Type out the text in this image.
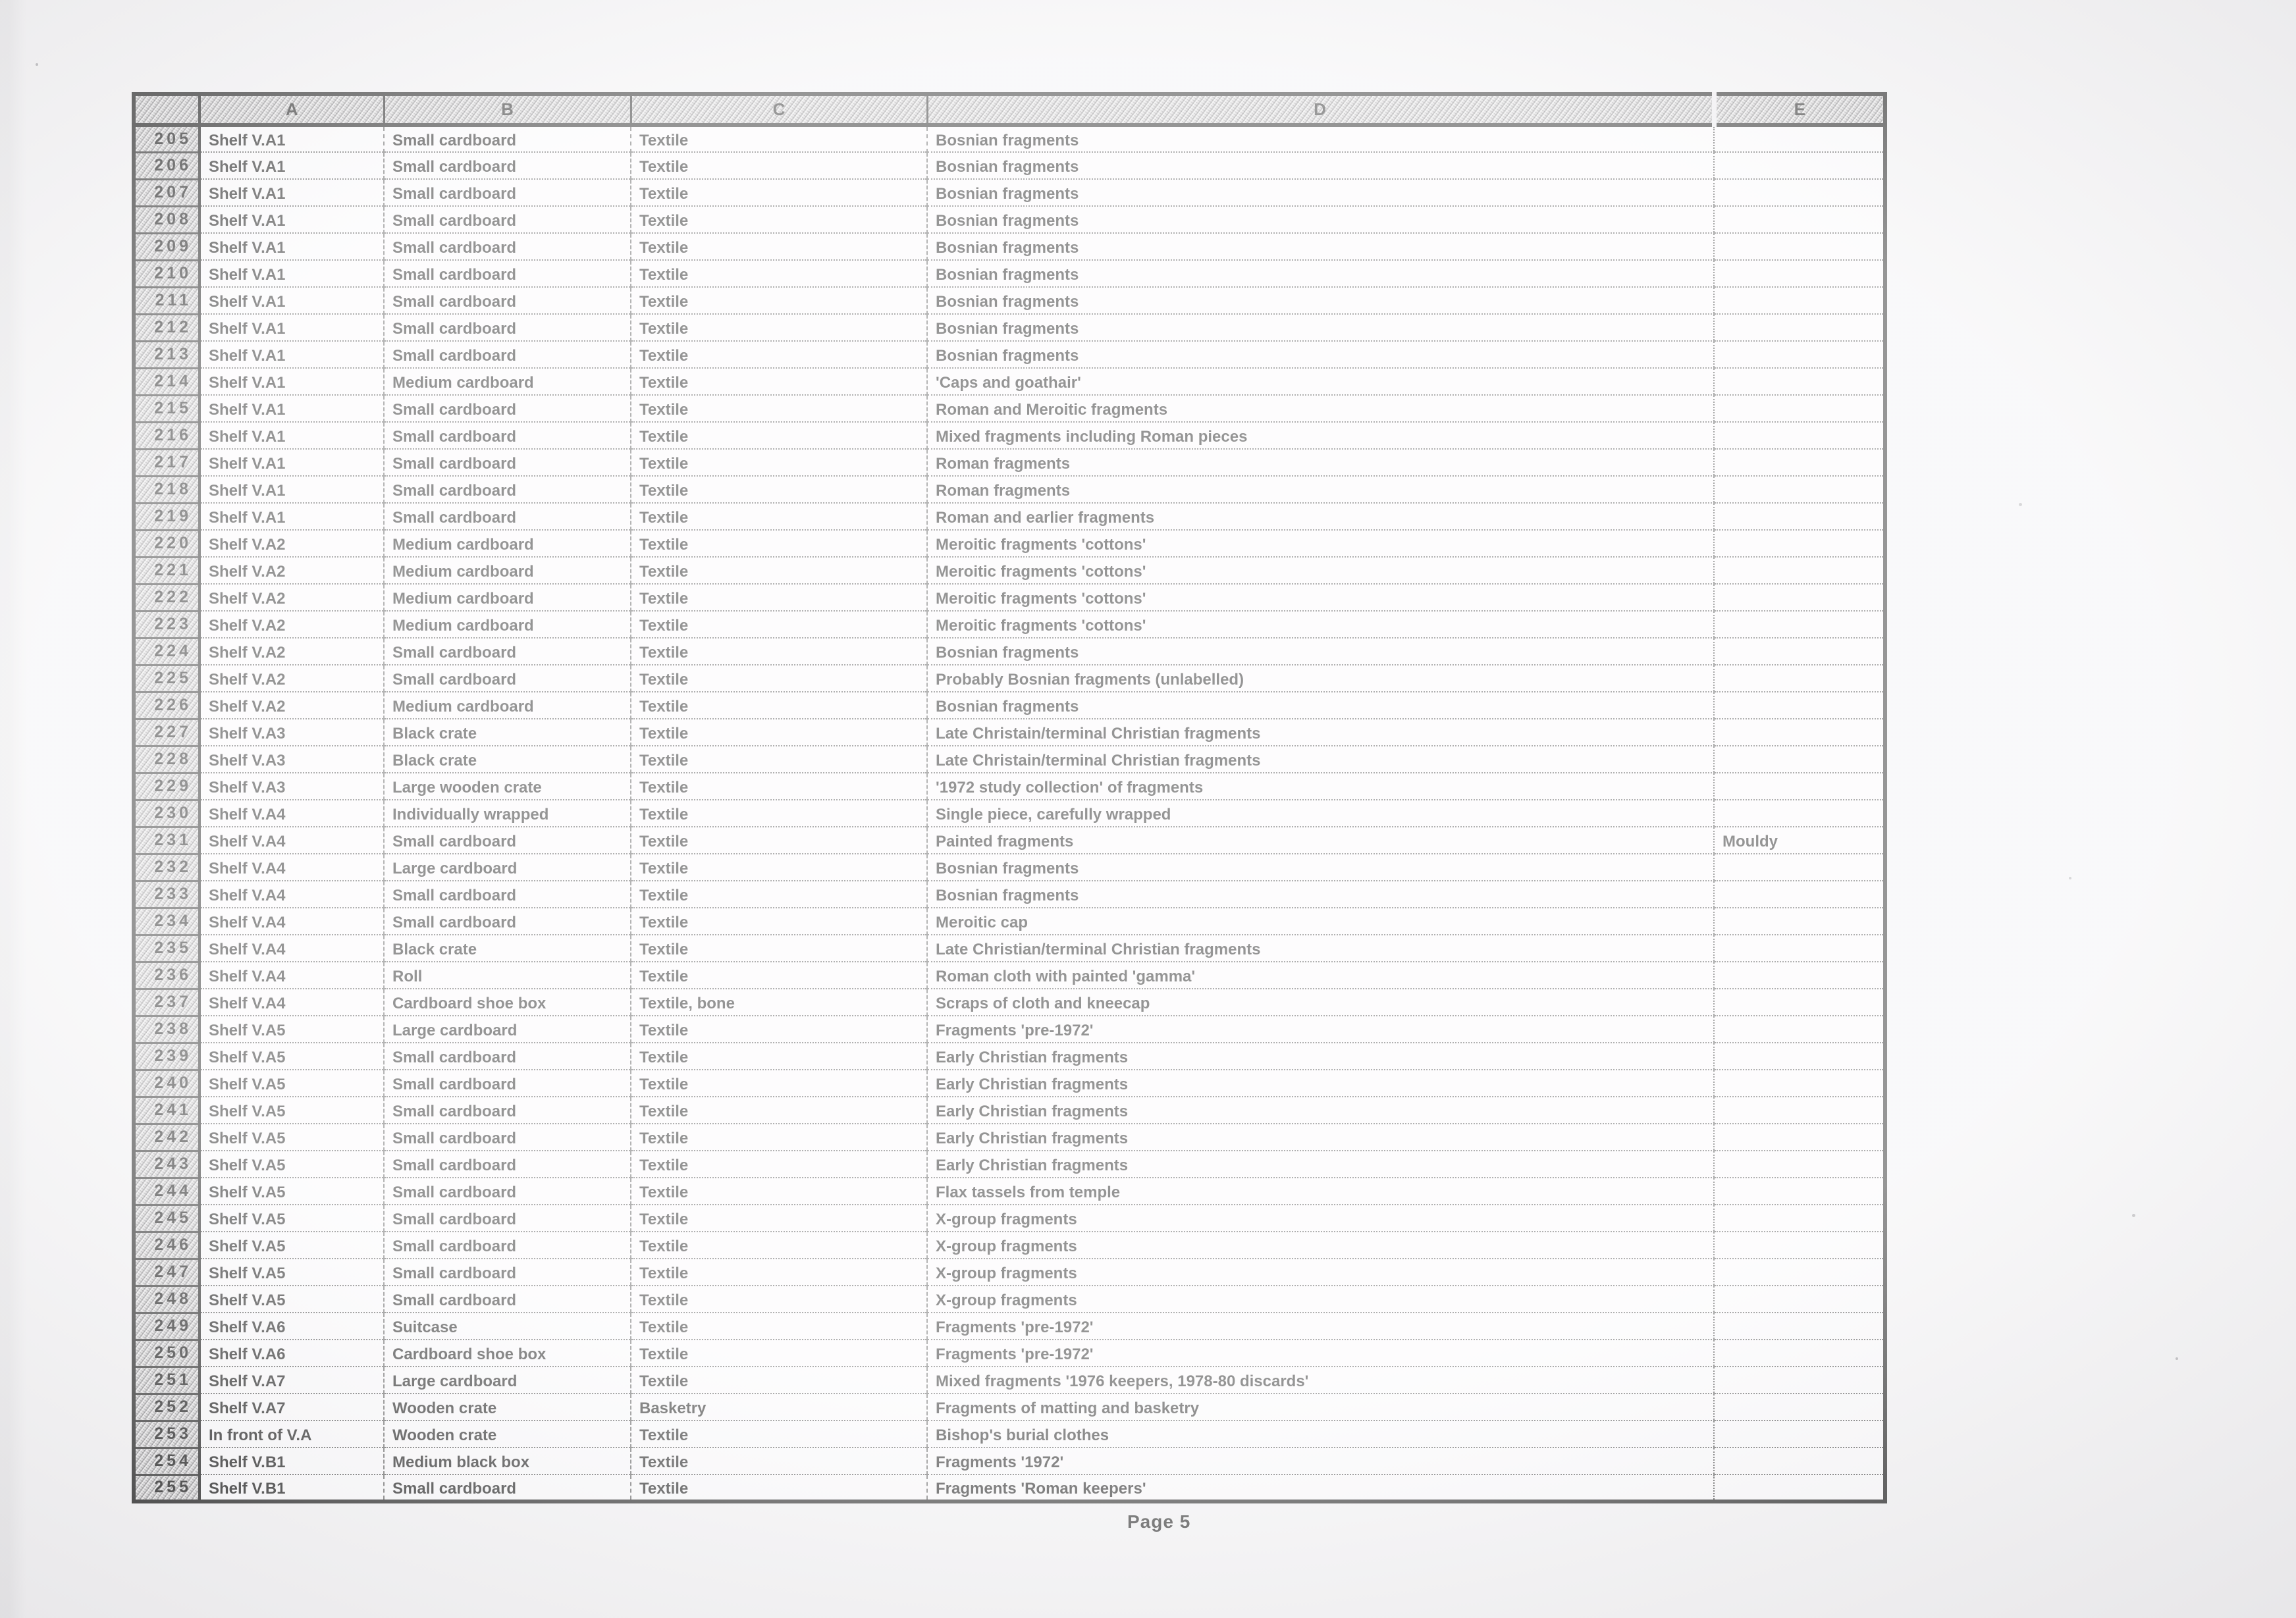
	A	B	C	D	E
205	Shelf V.A1	Small cardboard	Textile	Bosnian fragments	
206	Shelf V.A1	Small cardboard	Textile	Bosnian fragments	
207	Shelf V.A1	Small cardboard	Textile	Bosnian fragments	
208	Shelf V.A1	Small cardboard	Textile	Bosnian fragments	
209	Shelf V.A1	Small cardboard	Textile	Bosnian fragments	
210	Shelf V.A1	Small cardboard	Textile	Bosnian fragments	
211	Shelf V.A1	Small cardboard	Textile	Bosnian fragments	
212	Shelf V.A1	Small cardboard	Textile	Bosnian fragments	
213	Shelf V.A1	Small cardboard	Textile	Bosnian fragments	
214	Shelf V.A1	Medium cardboard	Textile	'Caps and goathair'	
215	Shelf V.A1	Small cardboard	Textile	Roman and Meroitic fragments	
216	Shelf V.A1	Small cardboard	Textile	Mixed fragments including Roman pieces	
217	Shelf V.A1	Small cardboard	Textile	Roman fragments	
218	Shelf V.A1	Small cardboard	Textile	Roman fragments	
219	Shelf V.A1	Small cardboard	Textile	Roman and earlier fragments	
220	Shelf V.A2	Medium cardboard	Textile	Meroitic fragments 'cottons'	
221	Shelf V.A2	Medium cardboard	Textile	Meroitic fragments 'cottons'	
222	Shelf V.A2	Medium cardboard	Textile	Meroitic fragments 'cottons'	
223	Shelf V.A2	Medium cardboard	Textile	Meroitic fragments 'cottons'	
224	Shelf V.A2	Small cardboard	Textile	Bosnian fragments	
225	Shelf V.A2	Small cardboard	Textile	Probably Bosnian fragments (unlabelled)	
226	Shelf V.A2	Medium cardboard	Textile	Bosnian fragments	
227	Shelf V.A3	Black crate	Textile	Late Christain/terminal Christian fragments	
228	Shelf V.A3	Black crate	Textile	Late Christain/terminal Christian fragments	
229	Shelf V.A3	Large wooden crate	Textile	'1972 study collection' of fragments	
230	Shelf V.A4	Individually wrapped	Textile	Single piece, carefully wrapped	
231	Shelf V.A4	Small cardboard	Textile	Painted fragments	Mouldy
232	Shelf V.A4	Large cardboard	Textile	Bosnian fragments	
233	Shelf V.A4	Small cardboard	Textile	Bosnian fragments	
234	Shelf V.A4	Small cardboard	Textile	Meroitic cap	
235	Shelf V.A4	Black crate	Textile	Late Christian/terminal Christian fragments	
236	Shelf V.A4	Roll	Textile	Roman cloth with painted 'gamma'	
237	Shelf V.A4	Cardboard shoe box	Textile, bone	Scraps of cloth and kneecap	
238	Shelf V.A5	Large cardboard	Textile	Fragments 'pre-1972'	
239	Shelf V.A5	Small cardboard	Textile	Early Christian fragments	
240	Shelf V.A5	Small cardboard	Textile	Early Christian fragments	
241	Shelf V.A5	Small cardboard	Textile	Early Christian fragments	
242	Shelf V.A5	Small cardboard	Textile	Early Christian fragments	
243	Shelf V.A5	Small cardboard	Textile	Early Christian fragments	
244	Shelf V.A5	Small cardboard	Textile	Flax tassels from temple	
245	Shelf V.A5	Small cardboard	Textile	X-group fragments	
246	Shelf V.A5	Small cardboard	Textile	X-group fragments	
247	Shelf V.A5	Small cardboard	Textile	X-group fragments	
248	Shelf V.A5	Small cardboard	Textile	X-group fragments	
249	Shelf V.A6	Suitcase	Textile	Fragments 'pre-1972'	
250	Shelf V.A6	Cardboard shoe box	Textile	Fragments 'pre-1972'	
251	Shelf V.A7	Large cardboard	Textile	Mixed fragments '1976 keepers, 1978-80 discards'	
252	Shelf V.A7	Wooden crate	Basketry	Fragments of matting and basketry	
253	In front of V.A	Wooden crate	Textile	Bishop's burial clothes	
254	Shelf V.B1	Medium black box	Textile	Fragments '1972'	
255	Shelf V.B1	Small cardboard	Textile	Fragments 'Roman keepers'	
Page 5
